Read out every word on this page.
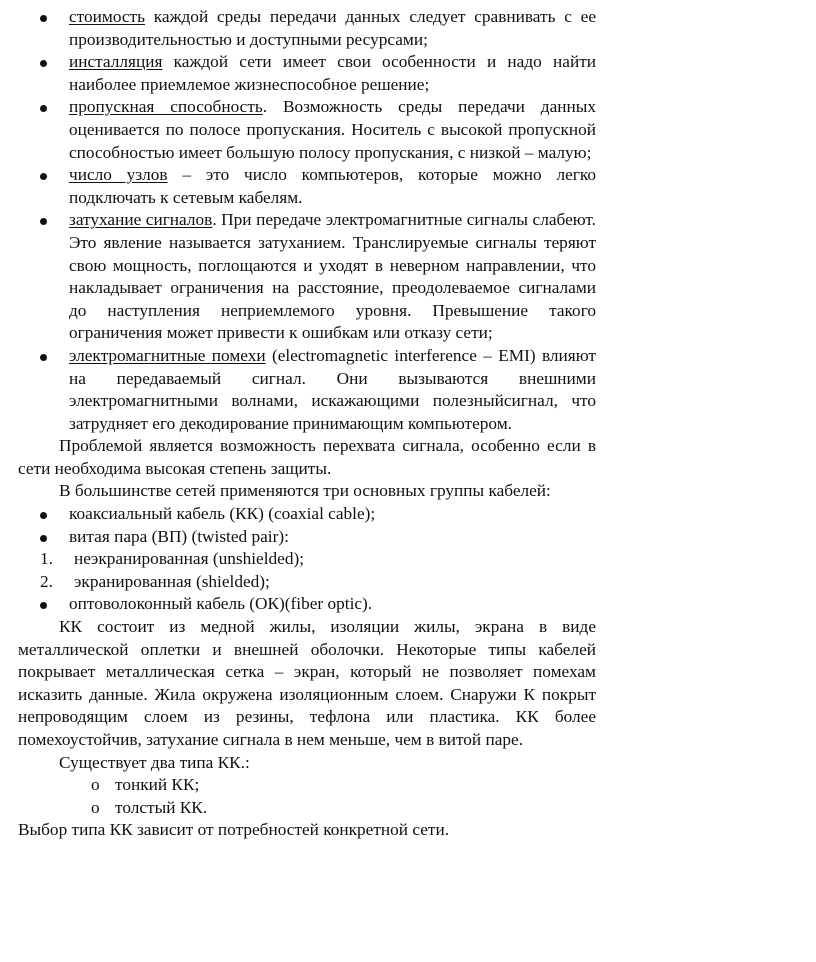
стоимость каждой среды передачи данных следует сравнивать с ее производительностью и доступными ресурсами;
инсталляция каждой сети имеет свои особенности и надо найти наиболее приемлемое жизнеспособное решение;
пропускная способность. Возможность среды передачи данных оценивается по полосе пропускания. Носитель с высокой пропускной способностью имеет большую полосу пропускания, с низкой – малую;
число узлов – это число компьютеров, которые можно легко подключать к сетевым кабелям.
затухание сигналов. При передаче электромагнитные сигналы слабеют. Это явление называется затуханием. Транслируемые сигналы теряют свою мощность, поглощаются и уходят в неверном направлении, что накладывает ограничения на расстояние, преодолеваемое сигналами до наступления неприемлемого уровня. Превышение такого ограничения может привести к ошибкам или отказу сети;
электромагнитные помехи (electromagnetic interference – EMI) влияют на передаваемый сигнал. Они вызываются внешними электромагнитными волнами, искажающими полезныйсигнал, что затрудняет его декодирование принимающим компьютером.
Проблемой является возможность перехвата сигнала, особенно если в сети необходима высокая степень защиты.
В большинстве сетей применяются три основных группы кабелей:
коаксиальный кабель (КК) (coaxial cable);
витая пара (ВП) (twisted pair):
1. неэкранированная (unshielded);
2. экранированная (shielded);
оптоволоконный кабель (ОК)(fiber optic).
КК состоит из медной жилы, изоляции жилы, экрана в виде металлической оплетки и внешней оболочки. Некоторые типы кабелей покрывает металлическая сетка – экран, который не позволяет помехам исказить данные. Жила окружена изоляционным слоем. Снаружи К покрыт непроводящим слоем из резины, тефлона или пластика. КК более помехоустойчив, затухание сигнала в нем меньше, чем в витой паре.
Существует два типа КК.:
o тонкий КК;
o толстый КК.
Выбор типа КК зависит от потребностей конкретной сети.
